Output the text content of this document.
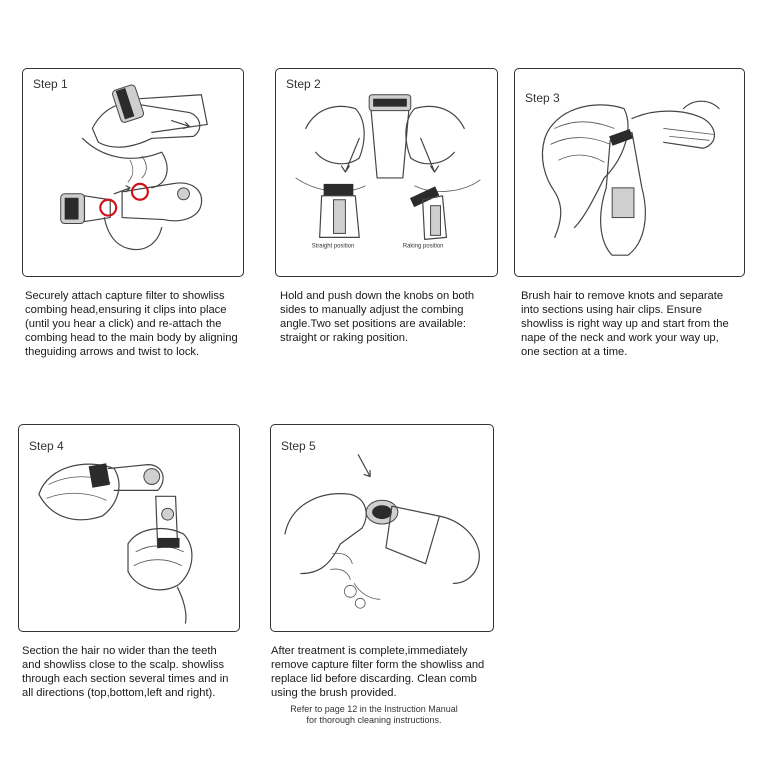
Step 1
Securely attach capture filter to showliss
combing head,ensuring it clips into place
(until you hear a click) and re-attach the
combing head to the main body by aligning
theguiding arrows and twist to lock.
Straight position	Raking position
Step 2
Hold and push down the knobs on both
sides to manually adjust the combing
angle.Two set positions are available:
straight or raking position.
Step 3
Brush hair to remove knots and separate
into sections using hair clips. Ensure
showliss is right way up and start from the
nape of the neck and work your way up,
one section at a time.
Step 4
Section the hair no wider than the teeth
and showliss close to the scalp. showliss
through each section several times and in
all directions (top,bottom,left and right).
Step 5
After treatment is complete,immediately
remove capture filter form the showliss and
replace lid before discarding. Clean comb
using the brush provided.
Refer to page 12 in the Instruction Manual
for thorough cleaning instructions.
